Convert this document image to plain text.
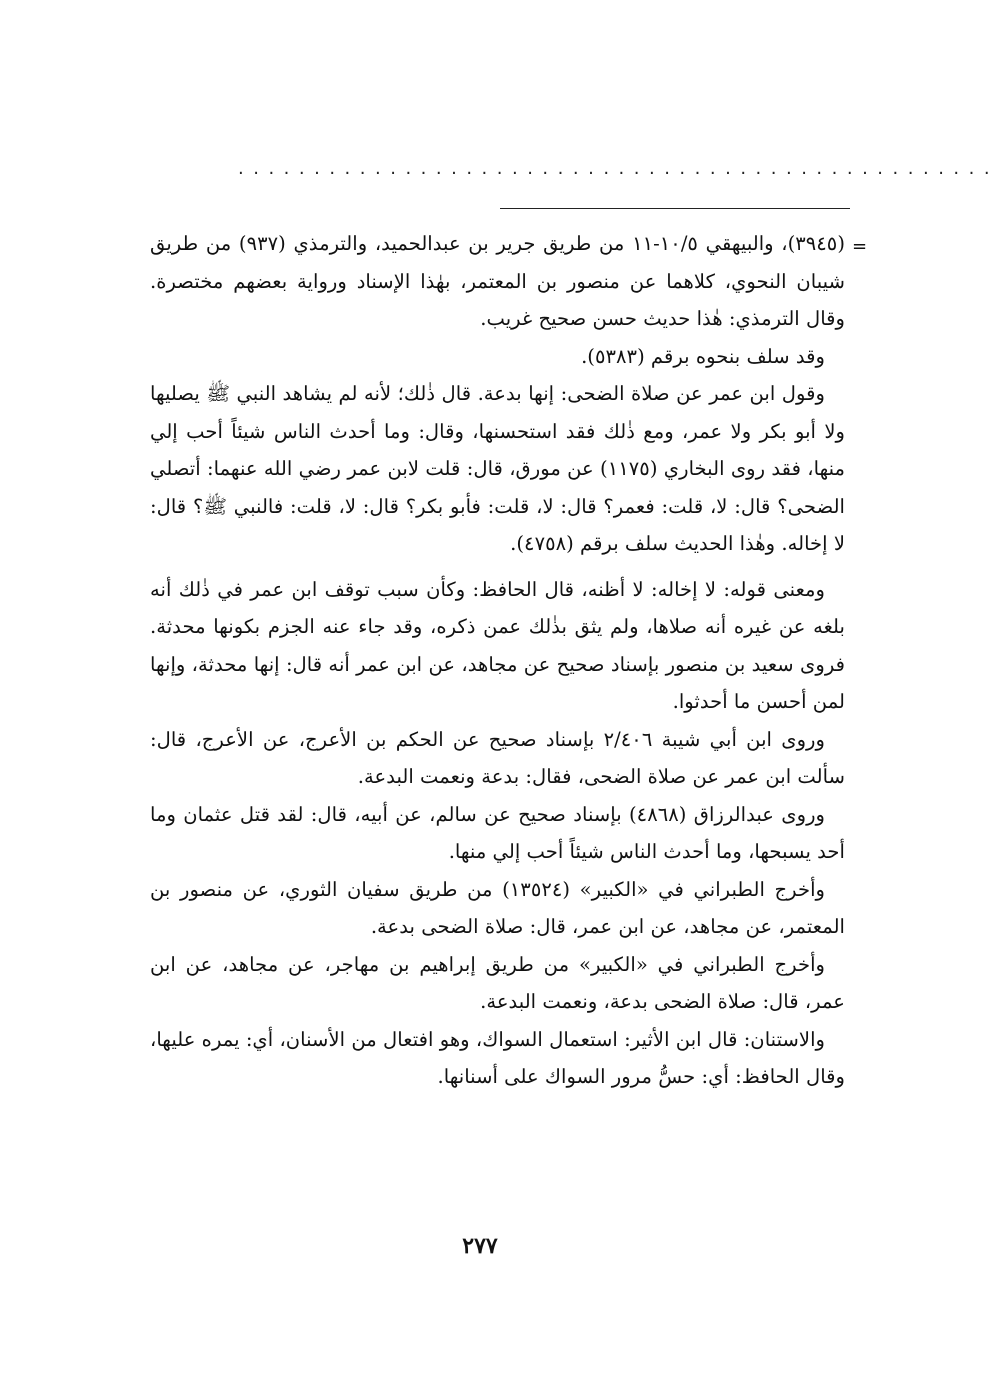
..................................................
=

(٣٩٤٥)، والبيهقي ١٠/٥-١١ من طريق جرير بن عبدالحميد، والترمذي (٩٣٧) من طريق شيبان النحوي، كلاهما عن منصور بن المعتمر، بهٰذا الإسناد ورواية بعضهم مختصرة. وقال الترمذي: هٰذا حديث حسن صحيح غريب.

وقد سلف بنحوه برقم (٥٣٨٣).

وقول ابن عمر عن صلاة الضحى: إنها بدعة. قال ذٰلك؛ لأنه لم يشاهد النبي ﷺ يصليها ولا أبو بكر ولا عمر، ومع ذٰلك فقد استحسنها، وقال: وما أحدث الناس شيئاً أحب إلي منها، فقد روى البخاري (١١٧٥) عن مورق، قال: قلت لابن عمر رضي الله عنهما: أتصلي الضحى؟ قال: لا، قلت: فعمر؟ قال: لا، قلت: فأبو بكر؟ قال: لا، قلت: فالنبي ﷺ؟ قال: لا إخاله. وهٰذا الحديث سلف برقم (٤٧٥٨).

ومعنى قوله: لا إخاله: لا أظنه، قال الحافظ: وكأن سبب توقف ابن عمر في ذٰلك أنه بلغه عن غيره أنه صلاها، ولم يثق بذٰلك عمن ذكره، وقد جاء عنه الجزم بكونها محدثة. فروى سعيد بن منصور بإسناد صحيح عن مجاهد، عن ابن عمر أنه قال: إنها محدثة، وإنها لمن أحسن ما أحدثوا.

وروى ابن أبي شيبة ٢/٤٠٦ بإسناد صحيح عن الحكم بن الأعرج، عن الأعرج، قال: سألت ابن عمر عن صلاة الضحى، فقال: بدعة ونعمت البدعة.

وروى عبدالرزاق (٤٨٦٨) بإسناد صحيح عن سالم، عن أبيه، قال: لقد قتل عثمان وما أحد يسبحها، وما أحدث الناس شيئاً أحب إلي منها.

وأخرج الطبراني في «الكبير» (١٣٥٢٤) من طريق سفيان الثوري، عن منصور بن المعتمر، عن مجاهد، عن ابن عمر، قال: صلاة الضحى بدعة.

وأخرج الطبراني في «الكبير» من طريق إبراهيم بن مهاجر، عن مجاهد، عن ابن عمر، قال: صلاة الضحى بدعة، ونعمت البدعة.

والاستنان: قال ابن الأثير: استعمال السواك، وهو افتعال من الأسنان، أي: يمره عليها، وقال الحافظ: أي: حسُّ مرور السواك على أسنانها.

٢٧٧
